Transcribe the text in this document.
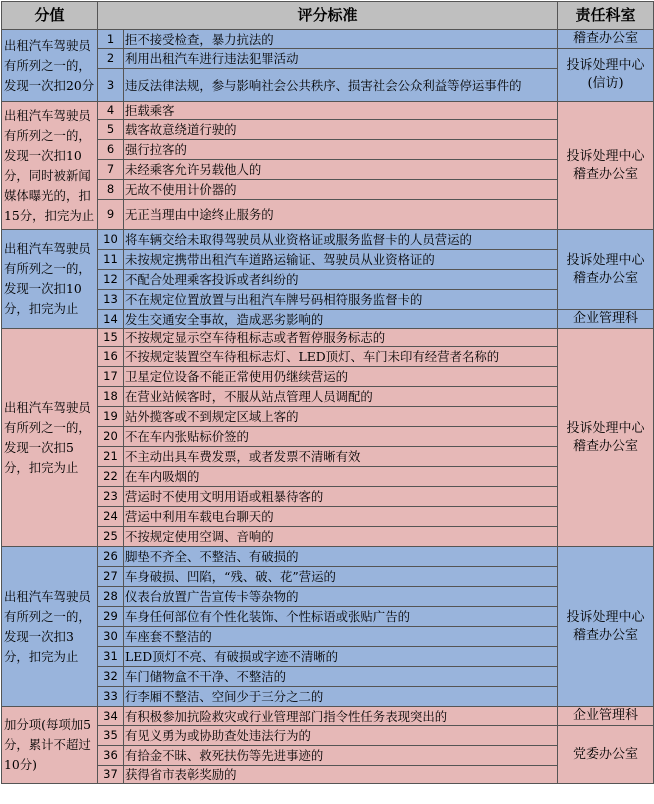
分值	评分标准		责任科室
出租汽车驾驶员有所列之一的，发现一次扣20分	1	拒不接受检查，暴力抗法的	稽查办公室

	2	利用出租汽车进行违法犯罪活动	投诉处理中心
(信访)

	3	违反法律法规，参与影响社会公共秩序、损害社会公众利益等停运事件的	
出租汽车驾驶员有所列之一的，发现一次扣10分，同时被新闻媒体曝光的，扣15分，扣完为止	4	拒载乘客	投诉处理中心
稽查办公室

	5	载客故意绕道行驶的	
	6	强行拉客的	
	7	未经乘客允许另载他人的	
	8	无故不使用计价器的	
	9	无正当理由中途终止服务的	
出租汽车驾驶员有所列之一的，发现一次扣10分，扣完为止	10	将车辆交给未取得驾驶员从业资格证或服务监督卡的人员营运的	投诉处理中心
稽查办公室

	11	未按规定携带出租汽车道路运输证、驾驶员从业资格证的	
	12	不配合处理乘客投诉或者纠纷的	
	13	不在规定位置放置与出租汽车牌号码相符服务监督卡的	
	14	发生交通安全事故，造成恶劣影响的	企业管理科

出租汽车驾驶员有所列之一的，发现一次扣5分，扣完为止	15	不按规定显示空车待租标志或者暂停服务标志的	投诉处理中心
稽查办公室

	16	不按规定装置空车待租标志灯、LED顶灯、车门未印有经营者名称的	
	17	卫星定位设备不能正常使用仍继续营运的	
	18	在营业站候客时，不服从站点管理人员调配的	
	19	站外揽客或不到规定区域上客的	
	20	不在车内张贴标价签的	
	21	不主动出具车费发票，或者发票不清晰有效	
	22	在车内吸烟的	
	23	营运时不使用文明用语或粗暴待客的	
	24	营运中利用车载电台聊天的	
	25	不按规定使用空调、音响的	
出租汽车驾驶员有所列之一的，发现一次扣3分，扣完为止	26	脚垫不齐全、不整洁、有破损的	投诉处理中心
稽查办公室

	27	车身破损、凹陷，“残、破、花”营运的	
	28	仪表台放置广告宣传卡等杂物的	
	29	车身任何部位有个性化装饰、个性标语或张贴广告的	
	30	车座套不整洁的	
	31	LED顶灯不亮、有破损或字迹不清晰的	
	32	车门储物盒不干净、不整洁的	
	33	行李厢不整洁、空间少于三分之二的	
加分项(每项加5分，累计不超过10分)	34	有积极参加抗险救灾或行业管理部门指令性任务表现突出的	企业管理科

	35	有见义勇为或协助查处违法行为的	党委办公室

	36	有拾金不昧、救死扶伤等先进事迹的	
	37	获得省市表彰奖励的	
